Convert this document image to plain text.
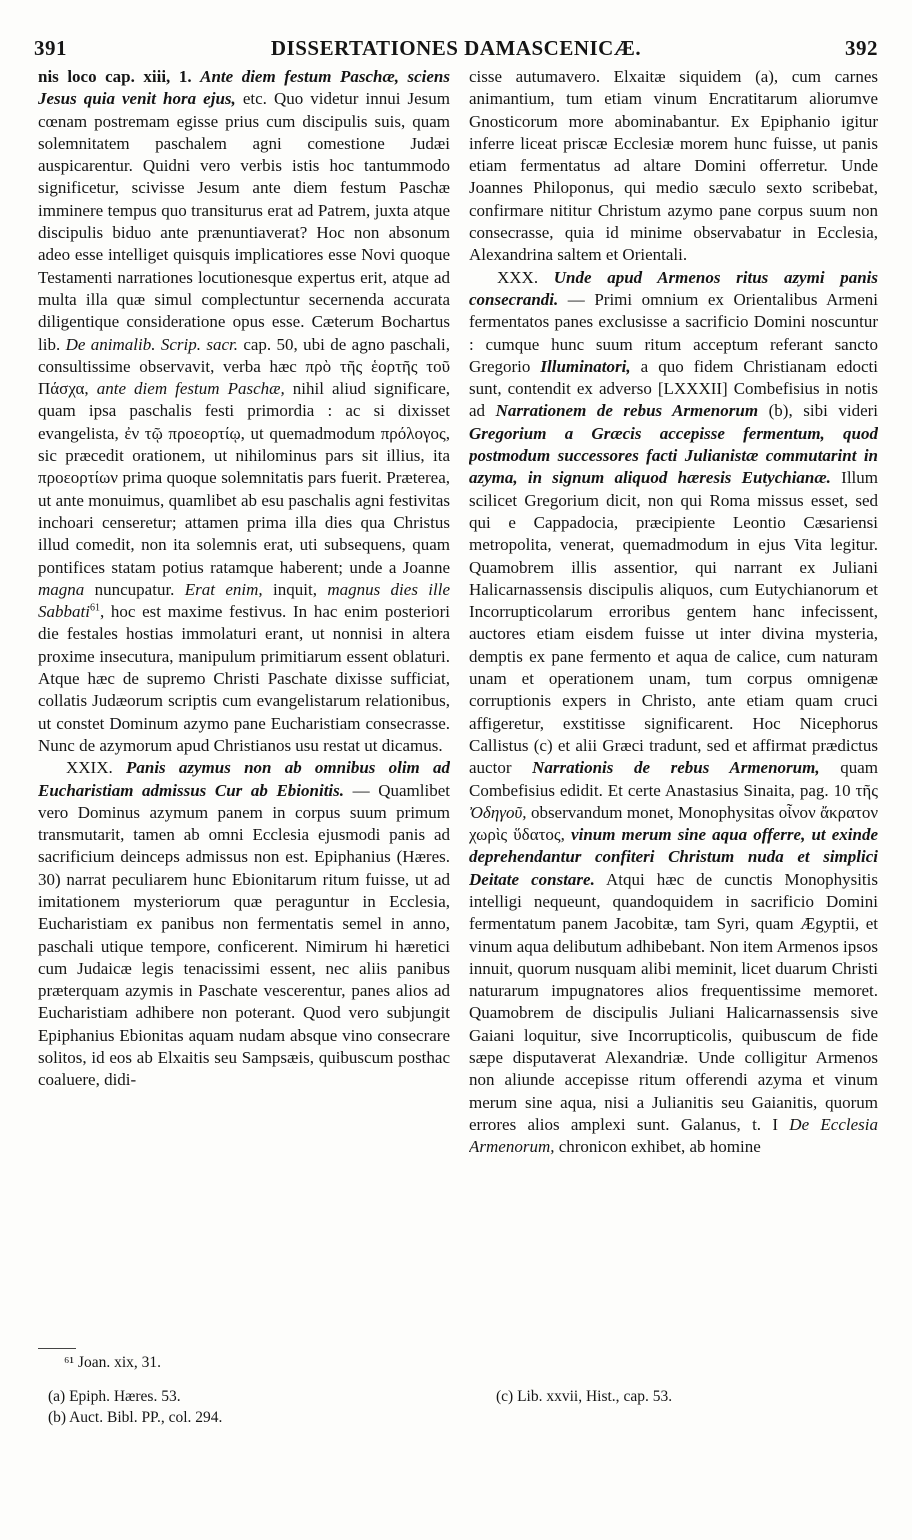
391	DISSERTATIONES DAMASCENICÆ.	392

nis loco cap. xiii, 1. Ante diem festum Paschæ, sciens Jesus quia venit hora ejus, etc. Quo videtur innui Jesum cœnam postremam egisse prius cum discipulis suis, quam solemnitatem paschalem agni comestione Judæi auspicarentur. Quidni vero verbis istis hoc tantummodo significetur, scivisse Jesum ante diem festum Paschæ imminere tempus quo transiturus erat ad Patrem, juxta atque discipulis biduo ante prænuntiaverat? Hoc non absonum adeo esse intelliget quisquis implicatiores esse Novi quoque Testamenti narrationes locutionesque expertus erit, atque ad multa illa quæ simul complectuntur secernenda accurata diligentique consideratione opus esse. Cæterum Bochartus lib. De animalib. Scrip. sacr. cap. 50, ubi de agno paschali, consultissime observavit, verba hæc πρὸ τῆς ἑορτῆς τοῦ Πάσχα, ante diem festum Paschæ, nihil aliud significare, quam ipsa paschalis festi primordia : ac si dixisset evangelista, ἐν τῷ προεορτίῳ, ut quemadmodum πρόλογος, sic præcedit orationem, ut nihilominus pars sit illius, ita προεορτίων prima quoque solemnitatis pars fuerit. Præterea, ut ante monuimus, quamlibet ab esu paschalis agni festivitas inchoari censeretur; attamen prima illa dies qua Christus illud comedit, non ita solemnis erat, uti subsequens, quam pontifices statam potius ratamque haberent; unde a Joanne magna nuncupatur. Erat enim, inquit, magnus dies ille Sabbati$^{61}$, hoc est maxime festivus. In hac enim posteriori die festales hostias immolaturi erant, ut nonnisi in altera proxime insecutura, manipulum primitiarum essent oblaturi. Atque hæc de supremo Christi Paschate dixisse sufficiat, collatis Judæorum scriptis cum evangelistarum relationibus, ut constet Dominum azymo pane Eucharistiam consecrasse. Nunc de azymorum apud Christianos usu restat ut dicamus.

XXIX. Panis azymus non ab omnibus olim ad Eucharistiam admissus Cur ab Ebionitis. — Quamlibet vero Dominus azymum panem in corpus suum primum transmutarit, tamen ab omni Ecclesia ejusmodi panis ad sacrificium deinceps admissus non est. Epiphanius (Hæres. 30) narrat peculiarem hunc Ebionitarum ritum fuisse, ut ad imitationem mysteriorum quæ peraguntur in Ecclesia, Eucharistiam ex panibus non fermentatis semel in anno, paschali utique tempore, conficerent. Nimirum hi hæretici cum Judaicæ legis tenacissimi essent, nec aliis panibus præterquam azymis in Paschate vescerentur, panes alios ad Eucharistiam adhibere non poterant. Quod vero subjungit Epiphanius Ebionitas aquam nudam absque vino consecrare solitos, id eos ab Elxaitis seu Sampsæis, quibuscum posthac coaluere, didi-

cisse autumavero. Elxaitæ siquidem (a), cum carnes animantium, tum etiam vinum Encratitarum aliorumve Gnosticorum more abominabantur. Ex Epiphanio igitur inferre liceat priscæ Ecclesiæ morem hunc fuisse, ut panis etiam fermentatus ad altare Domini offerretur. Unde Joannes Philoponus, qui medio sæculo sexto scribebat, confirmare nititur Christum azymo pane corpus suum non consecrasse, quia id minime observabatur in Ecclesia, Alexandrina saltem et Orientali.

XXX. Unde apud Armenos ritus azymi panis consecrandi. — Primi omnium ex Orientalibus Armeni fermentatos panes exclusisse a sacrificio Domini noscuntur : cumque hunc suum ritum acceptum referant sancto Gregorio Illuminatori, a quo fidem Christianam edocti sunt, contendit ex adverso [LXXXII] Combefisius in notis ad Narrationem de rebus Armenorum (b), sibi videri Gregorium a Græcis accepisse fermentum, quod postmodum successores facti Julianistæ commutarint in azyma, in signum aliquod hæresis Eutychianæ. Illum scilicet Gregorium dicit, non qui Roma missus esset, sed qui e Cappadocia, præcipiente Leontio Cæsariensi metropolita, venerat, quemadmodum in ejus Vita legitur. Quamobrem illis assentior, qui narrant ex Juliani Halicarnassensis discipulis aliquos, cum Eutychianorum et Incorrupticolarum erroribus gentem hanc infecissent, auctores etiam eisdem fuisse ut inter divina mysteria, demptis ex pane fermento et aqua de calice, cum naturam unam et operationem unam, tum corpus omnigenæ corruptionis expers in Christo, ante etiam quam cruci affigeretur, exstitisse significarent. Hoc Nicephorus Callistus (c) et alii Græci tradunt, sed et affirmat prædictus auctor Narrationis de rebus Armenorum, quam Combefisius edidit. Et certe Anastasius Sinaita, pag. 10 τῆς Ὀδηγοῦ, observandum monet, Monophysitas οἶνον ἄκρατον χωρὶς ὕδατος, vinum merum sine aqua offerre, ut exinde deprehendantur confiteri Christum nuda et simplici Deitate constare. Atqui hæc de cunctis Monophysitis intelligi nequeunt, quandoquidem in sacrificio Domini fermentatum panem Jacobitæ, tam Syri, quam Ægyptii, et vinum aqua delibutum adhibebant. Non item Armenos ipsos innuit, quorum nusquam alibi meminit, licet duarum Christi naturarum impugnatores alios frequentissime memoret. Quamobrem de discipulis Juliani Halicarnassensis sive Gaiani loquitur, sive Incorrupticolis, quibuscum de fide sæpe disputaverat Alexandriæ. Unde colligitur Armenos non aliunde accepisse ritum offerendi azyma et vinum merum sine aqua, nisi a Julianitis seu Gaianitis, quorum errores alios amplexi sunt. Galanus, t. I De Ecclesia Armenorum, chronicon exhibet, ab homine

⁶¹ Joan. xix, 31.
(a) Epiph. Hæres. 53.
(b) Auct. Bibl. PP., col. 294.
(c) Lib. xxvii, Hist., cap. 53.
